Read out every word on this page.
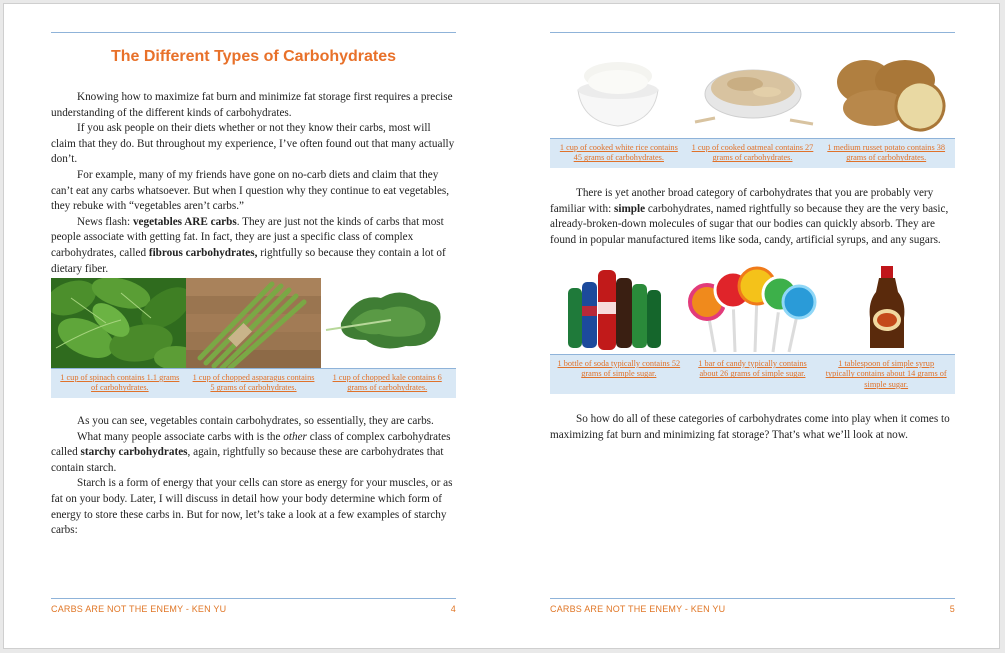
The Different Types of Carbohydrates

Knowing how to maximize fat burn and minimize fat storage first requires a precise understanding of the different kinds of carbohydrates.

If you ask people on their diets whether or not they know their carbs, most will claim that they do. But throughout my experience, I’ve often found out that many actually don’t.

For example, many of my friends have gone on no-carb diets and claim that they can’t eat any carbs whatsoever. But when I question why they continue to eat vegetables, they rebuke with “vegetables aren’t carbs.”

News flash: vegetables ARE carbs. They are just not the kinds of carbs that most people associate with getting fat. In fact, they are just a specific class of complex carbohydrates, called fibrous carbohydrates, rightfully so because they contain a lot of dietary fiber.

1 cup of spinach contains 1.1 grams of carbohydrates.
1 cup of chopped asparagus contains 5 grams of carbohydrates.
1 cup of chopped kale contains 6 grams of carbohydrates.

As you can see, vegetables contain carbohydrates, so essentially, they are carbs.

What many people associate carbs with is the other class of complex carbohydrates called starchy carbohydrates, again, rightfully so because these are carbohydrates that contain starch.

Starch is a form of energy that your cells can store as energy for your muscles, or as fat on your body. Later, I will discuss in detail how your body determine which form of energy to store these carbs in. But for now, let’s take a look at a few examples of starchy carbs:

CARBS ARE NOT THE ENEMY - KEN YU	4
1 cup of cooked white rice contains 45 grams of carbohydrates.
1 cup of cooked oatmeal contains 27 grams of carbohydrates.
1 medium russet potato contains 38 grams of carbohydrates.

There is yet another broad category of carbohydrates that you are probably very familiar with: simple carbohydrates, named rightfully so because they are the very basic, already-broken-down molecules of sugar that our bodies can quickly absorb. They are found in popular manufactured items like soda, candy, artificial syrups, and any sugars.

1 bottle of soda typically contains 52 grams of simple sugar.
1 bar of candy typically contains about 26 grams of simple sugar.
1 tablespoon of simple syrup typically contains about 14 grams of simple sugar.

So how do all of these categories of carbohydrates come into play when it comes to maximizing fat burn and minimizing fat storage? That’s what we’ll look at now.

CARBS ARE NOT THE ENEMY - KEN YU	5
